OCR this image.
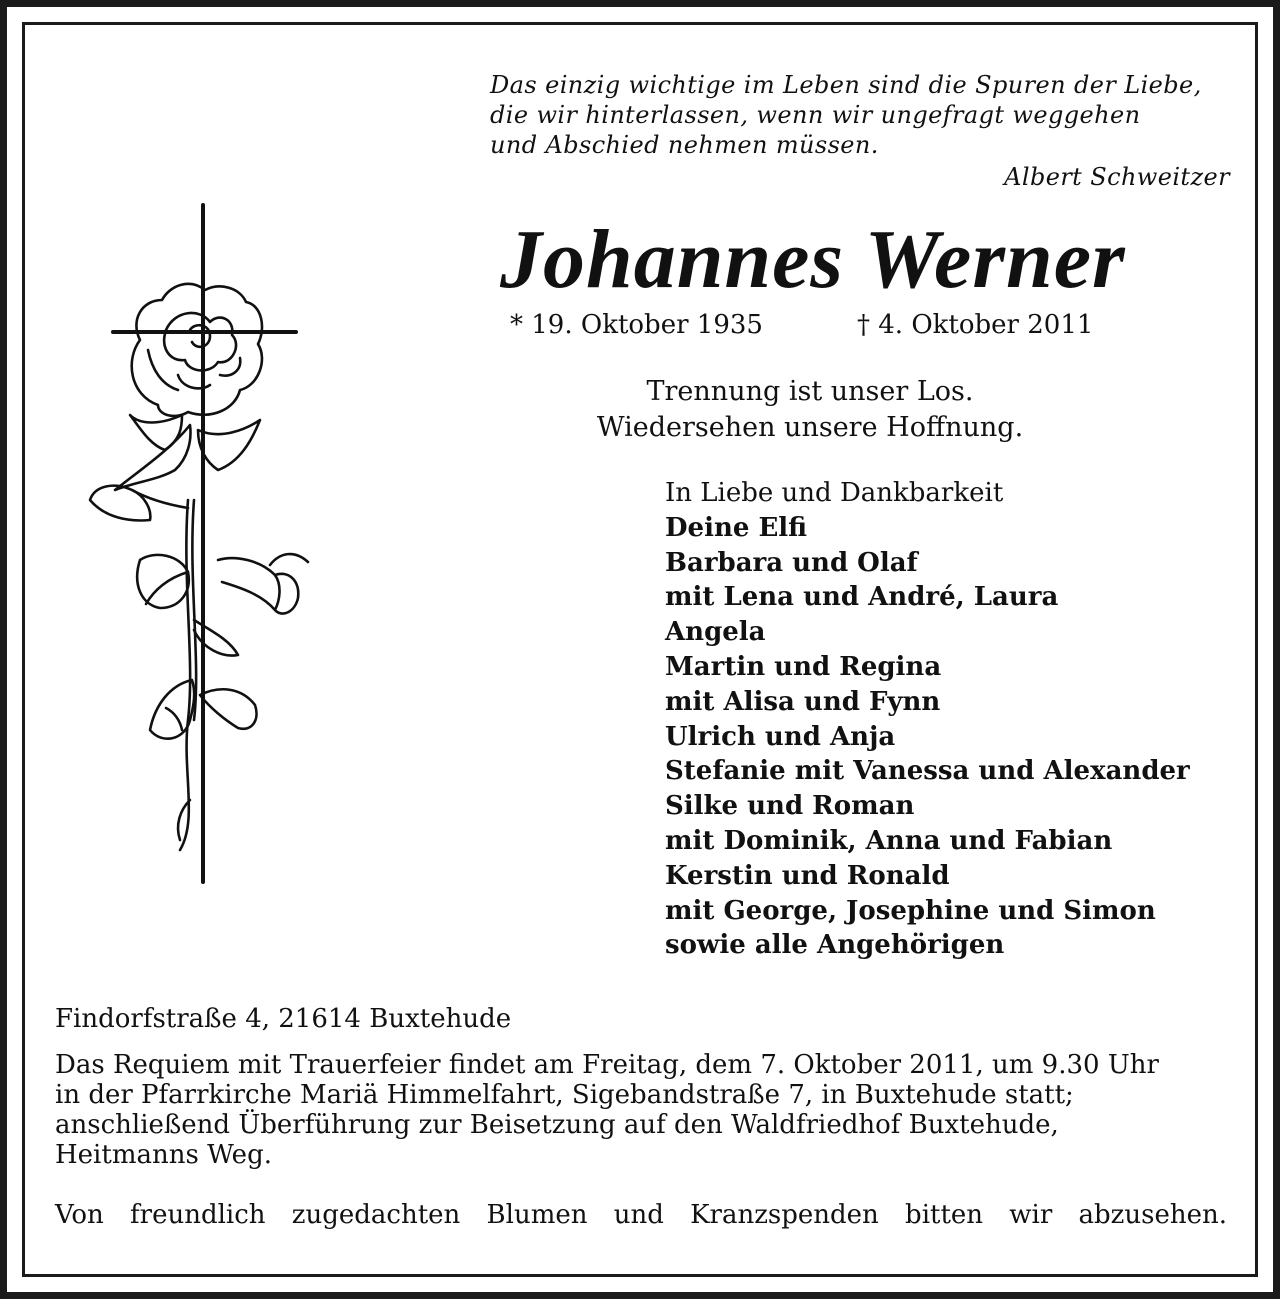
Das einzig wichtige im Leben sind die Spuren der Liebe,
die wir hinterlassen, wenn wir ungefragt weggehen
und Abschied nehmen müssen.
Albert Schweitzer
Johannes Werner
* 19. Oktober 1935	† 4. Oktober 2011
Trennung ist unser Los.
Wiedersehen unsere Hoffnung.
In Liebe und Dankbarkeit
Deine Elfi
Barbara und Olaf
mit Lena und André, Laura
Angela
Martin und Regina
mit Alisa und Fynn
Ulrich und Anja
Stefanie mit Vanessa und Alexander
Silke und Roman
mit Dominik, Anna und Fabian
Kerstin und Ronald
mit George, Josephine und Simon
sowie alle Angehörigen
Findorfstraße 4, 21614 Buxtehude
Das Requiem mit Trauerfeier findet am Freitag, dem 7. Oktober 2011, um 9.30 Uhr
in der Pfarrkirche Mariä Himmelfahrt, Sigebandstraße 7, in Buxtehude statt;
anschließend Überführung zur Beisetzung auf den Waldfriedhof Buxtehude,
Heitmanns Weg.
Von freundlich zugedachten Blumen und Kranzspenden bitten wir abzusehen.
